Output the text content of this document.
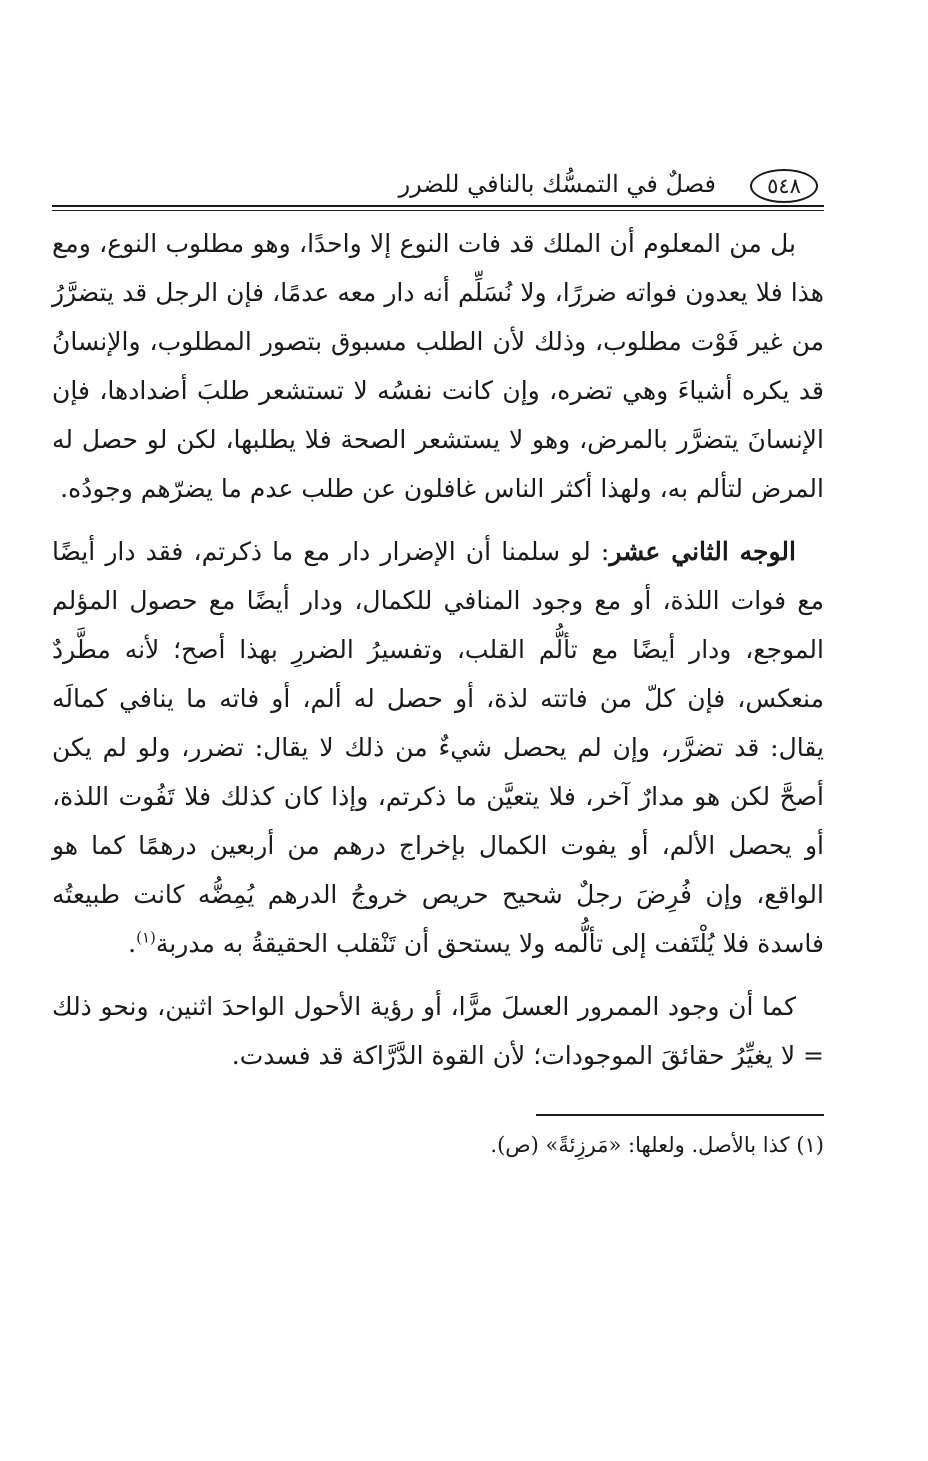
٥٤٨
فصلٌ في التمسُّك بالنافي للضرر

بل من المعلوم أن الملك قد فات النوع إلا واحدًا، وهو مطلوب النوع، ومع هذا فلا يعدون فواته ضررًا، ولا نُسَلِّم أنه دار معه عدمًا، فإن الرجل قد يتضرَّرُ من غير فَوْت مطلوب، وذلك لأن الطلب مسبوق بتصور المطلوب، والإنسانُ قد يكره أشياءَ وهي تضره، وإن كانت نفسُه لا تستشعر طلبَ أضدادها، فإن الإنسانَ يتضرَّر بالمرض، وهو لا يستشعر الصحة فلا يطلبها، لكن لو حصل له المرض لتألم به، ولهذا أكثر الناس غافلون عن طلب عدم ما يضرّهم وجودُه.

الوجه الثاني عشر: لو سلمنا أن الإضرار دار مع ما ذكرتم، فقد دار أيضًا مع فوات اللذة، أو مع وجود المنافي للكمال، ودار أيضًا مع حصول المؤلم الموجع، ودار أيضًا مع تألُّم القلب، وتفسيرُ الضررِ بهذا أصح؛ لأنه مطَّردٌ منعكس، فإن كلّ من فاتته لذة، أو حصل له ألم، أو فاته ما ينافي كمالَه يقال: قد تضرَّر، وإن لم يحصل شيءٌ من ذلك لا يقال: تضرر، ولو لم يكن أصحَّ لكن هو مدارٌ آخر، فلا يتعيَّن ما ذكرتم، وإذا كان كذلك فلا تَفُوت اللذة، أو يحصل الألم، أو يفوت الكمال بإخراج درهم من أربعين درهمًا كما هو الواقع، وإن فُرِضَ رجلٌ شحيح حريص خروجُ الدرهم يُمِضُّه كانت طبيعتُه فاسدة فلا يُلْتَفت إلى تألُّمه ولا يستحق أن تَنْقلب الحقيقةُ به مدربة$^{(١)}$.

كما أن وجود الممرور العسلَ مرًّا، أو رؤية الأحول الواحدَ اثنين، ونحو ذلك = لا يغيِّرُ حقائقَ الموجودات؛ لأن القوة الدَّرَّاكة قد فسدت.

(١) كذا بالأصل. ولعلها: «مَرزِئةً» (ص).
